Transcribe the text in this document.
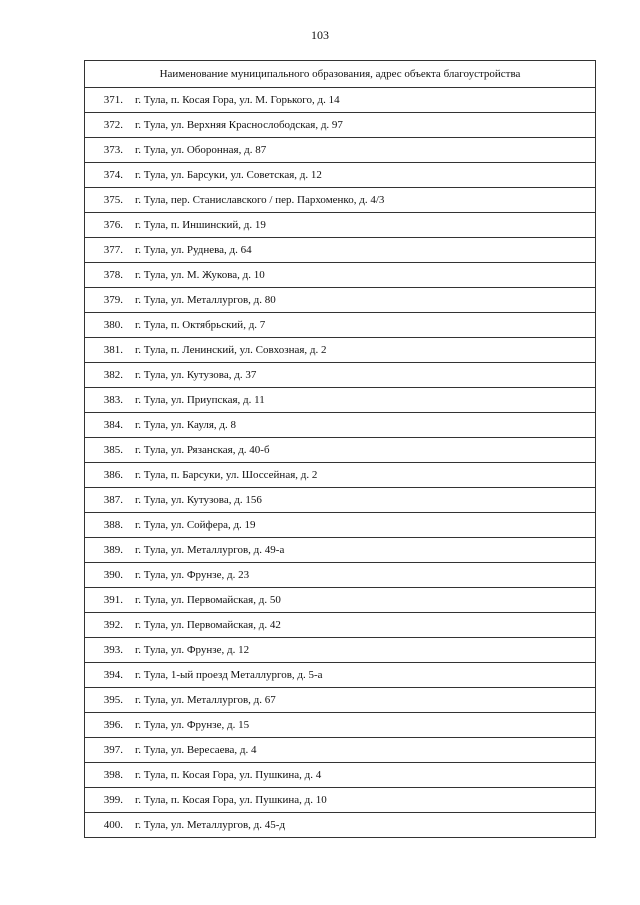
103
Наименование муниципального образования, адрес объекта благоустройства
371. г. Тула, п. Косая Гора, ул. М. Горького, д. 14
372. г. Тула, ул. Верхняя Краснослободская, д. 97
373. г. Тула, ул. Оборонная, д. 87
374. г. Тула, ул. Барсуки, ул. Советская, д. 12
375. г. Тула, пер. Станиславского / пер. Пархоменко, д. 4/3
376. г. Тула, п. Иншинский, д. 19
377. г. Тула, ул. Руднева, д. 64
378. г. Тула, ул. М. Жукова, д. 10
379. г. Тула, ул. Металлургов, д. 80
380. г. Тула, п. Октябрьский, д. 7
381. г. Тула, п. Ленинский, ул. Совхозная, д. 2
382. г. Тула, ул. Кутузова, д. 37
383. г. Тула, ул. Приупская, д. 11
384. г. Тула, ул. Кауля, д. 8
385. г. Тула, ул. Рязанская, д. 40-б
386. г. Тула, п. Барсуки, ул. Шоссейная, д. 2
387. г. Тула, ул. Кутузова, д. 156
388. г. Тула, ул. Сойфера, д. 19
389. г. Тула, ул. Металлургов, д. 49-а
390. г. Тула, ул. Фрунзе, д. 23
391. г. Тула, ул. Первомайская, д. 50
392. г. Тула, ул. Первомайская, д. 42
393. г. Тула, ул. Фрунзе, д. 12
394. г. Тула, 1-ый проезд Металлургов, д. 5-а
395. г. Тула, ул. Металлургов, д. 67
396. г. Тула, ул. Фрунзе, д. 15
397. г. Тула, ул. Вересаева, д. 4
398. г. Тула, п. Косая Гора, ул. Пушкина, д. 4
399. г. Тула, п. Косая Гора, ул. Пушкина, д. 10
400. г. Тула, ул. Металлургов, д. 45-д
